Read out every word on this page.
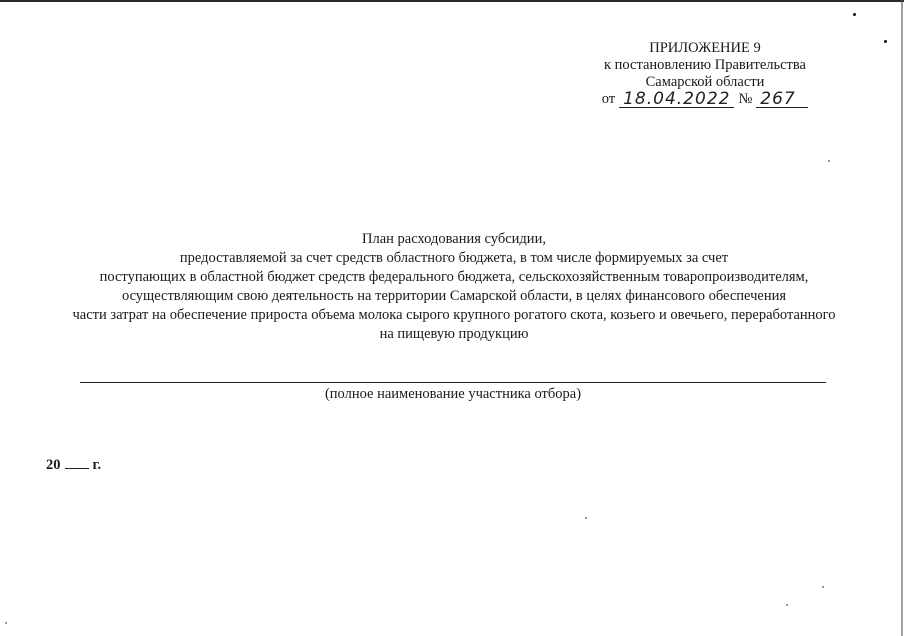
ПРИЛОЖЕНИЕ 9
к постановлению Правительства
Самарской области
от 18.04.2022 № 267
План расходования субсидии,
предоставляемой за счет средств областного бюджета, в том числе формируемых за счет
поступающих в областной бюджет средств федерального бюджета, сельскохозяйственным товаропроизводителям,
осуществляющим свою деятельность на территории Самарской области, в целях финансового обеспечения
части затрат на обеспечение прироста объема молока сырого крупного рогатого скота, козьего и овечьего, переработанного
на пищевую продукцию
(полное наименование участника отбора)
20 г.
